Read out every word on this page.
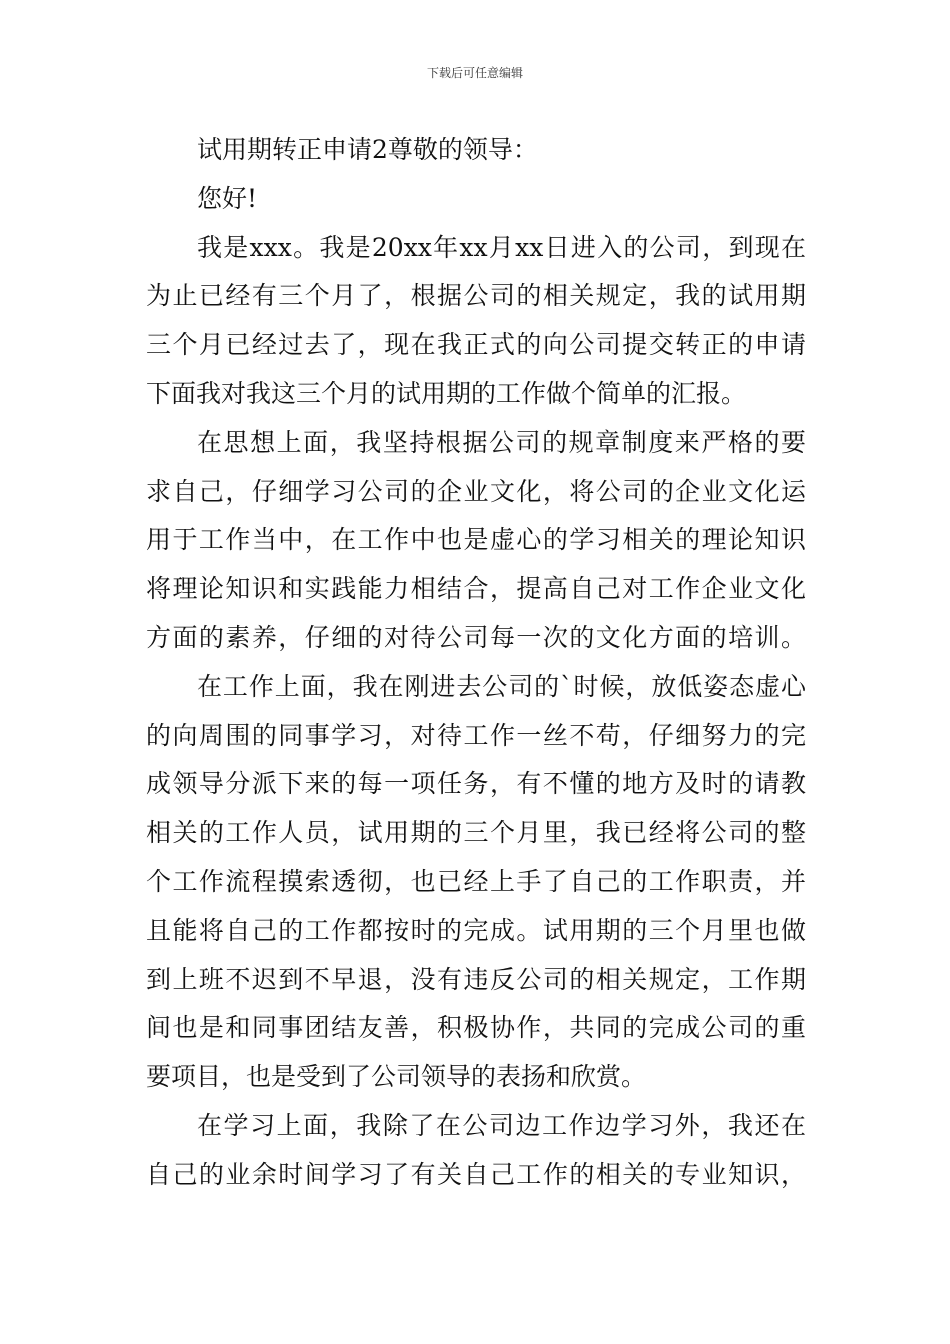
下载后可任意编辑

试用期转正申请2尊敬的领导：

您好!

我是xxx。我是20xx年xx月xx日进入的公司，到现在

为止已经有三个月了，根据公司的相关规定，我的试用期

三个月已经过去了，现在我正式的向公司提交转正的申请

下面我对我这三个月的试用期的工作做个简单的汇报。

在思想上面，我坚持根据公司的规章制度来严格的要

求自己，仔细学习公司的企业文化，将公司的企业文化运

用于工作当中，在工作中也是虚心的学习相关的理论知识

将理论知识和实践能力相结合，提高自己对工作企业文化

方面的素养，仔细的对待公司每一次的文化方面的培训。

在工作上面，我在刚进去公司的`时候，放低姿态虚心

的向周围的同事学习，对待工作一丝不苟，仔细努力的完

成领导分派下来的每一项任务，有不懂的地方及时的请教

相关的工作人员，试用期的三个月里，我已经将公司的整

个工作流程摸索透彻，也已经上手了自己的工作职责，并

且能将自己的工作都按时的完成。试用期的三个月里也做

到上班不迟到不早退，没有违反公司的相关规定，工作期

间也是和同事团结友善，积极协作，共同的完成公司的重

要项目，也是受到了公司领导的表扬和欣赏。

在学习上面，我除了在公司边工作边学习外，我还在

自己的业余时间学习了有关自己工作的相关的专业知识，
